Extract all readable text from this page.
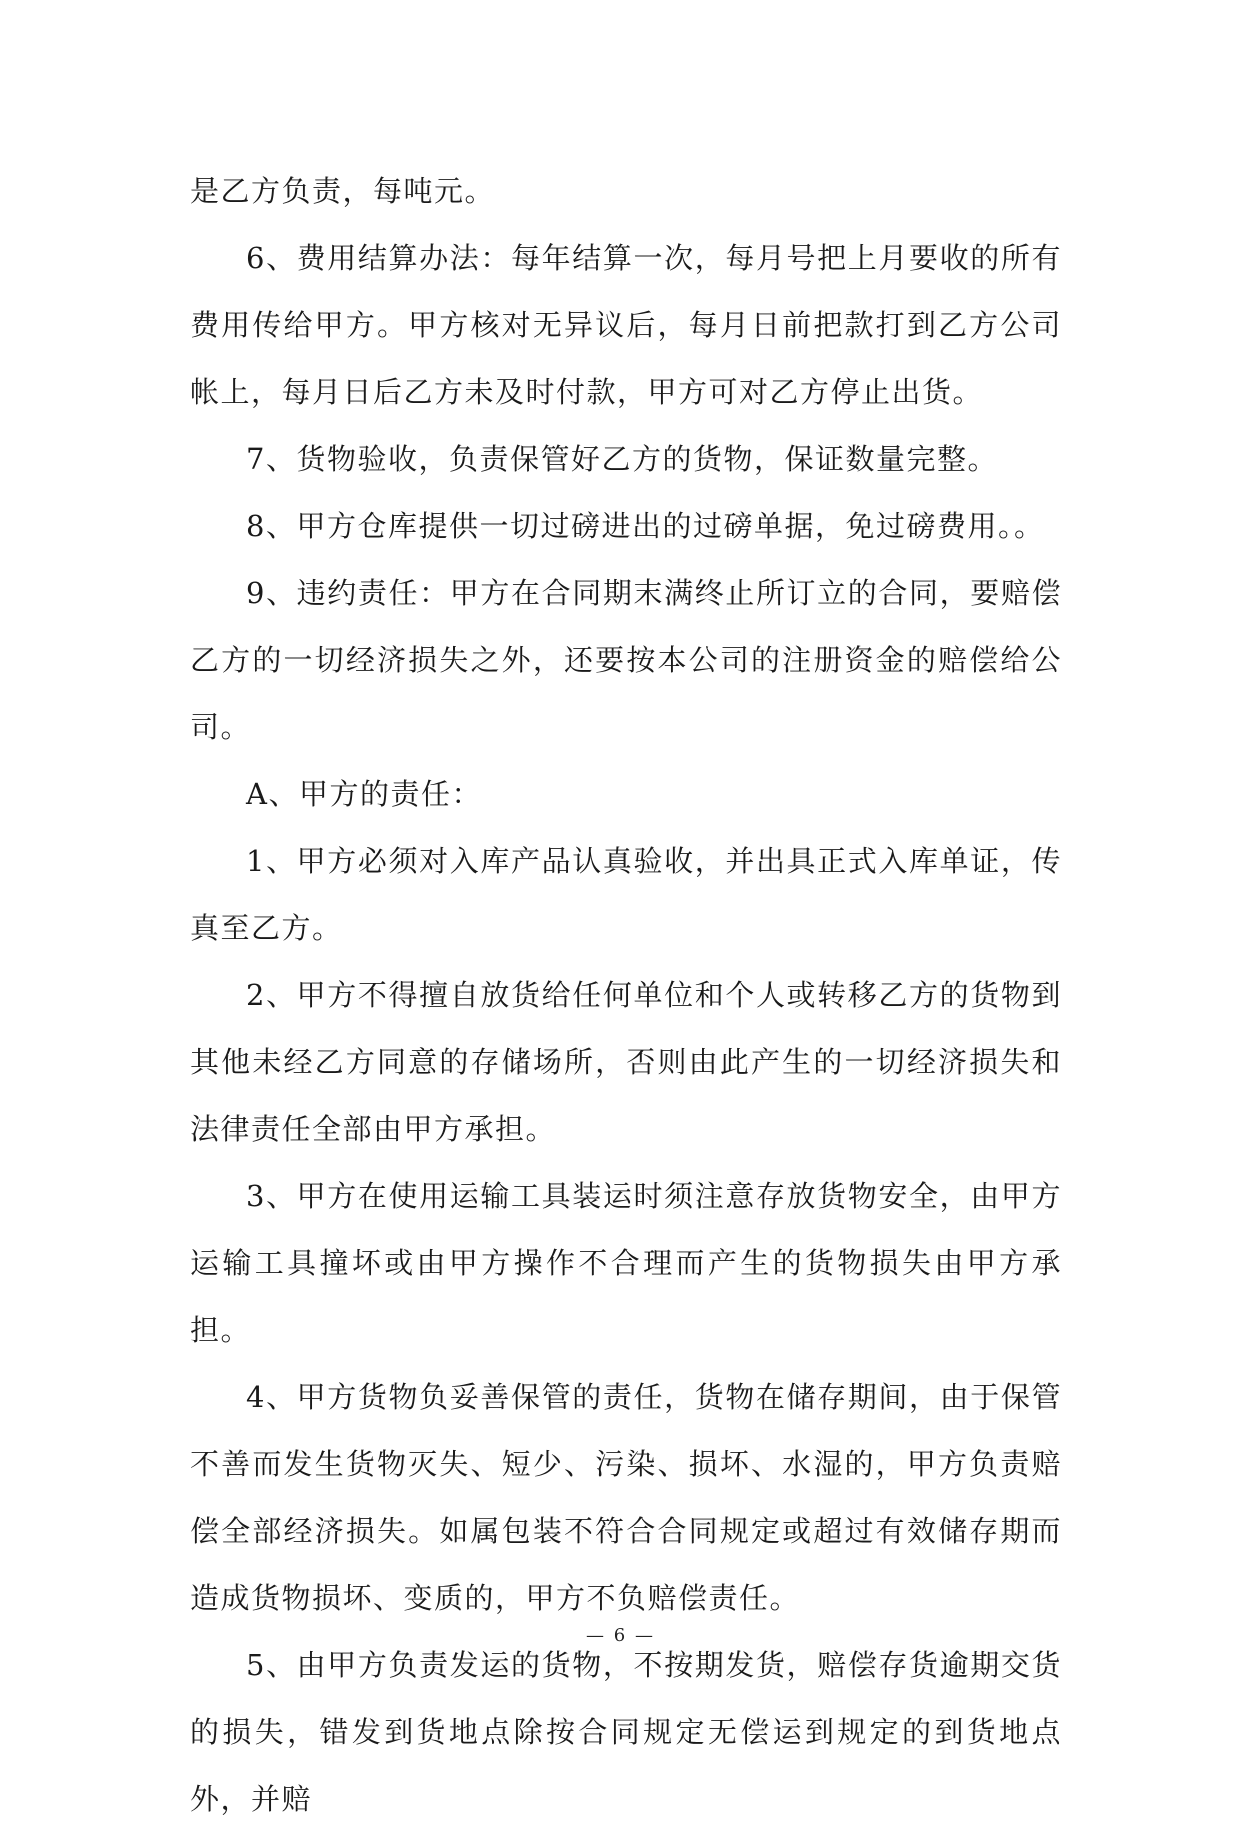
是乙方负责，每吨元。

6、费用结算办法：每年结算一次，每月号把上月要收的所有费用传给甲方。甲方核对无异议后，每月日前把款打到乙方公司帐上，每月日后乙方未及时付款，甲方可对乙方停止出货。

7、货物验收，负责保管好乙方的货物，保证数量完整。

8、甲方仓库提供一切过磅进出的过磅单据，免过磅费用。。

9、违约责任：甲方在合同期末满终止所订立的合同，要赔偿乙方的一切经济损失之外，还要按本公司的注册资金的赔偿给公司。

A、甲方的责任：

1、甲方必须对入库产品认真验收，并出具正式入库单证，传真至乙方。

2、甲方不得擅自放货给任何单位和个人或转移乙方的货物到其他未经乙方同意的存储场所，否则由此产生的一切经济损失和法律责任全部由甲方承担。

3、甲方在使用运输工具装运时须注意存放货物安全，由甲方运输工具撞坏或由甲方操作不合理而产生的货物损失由甲方承担。

4、甲方货物负妥善保管的责任，货物在储存期间，由于保管不善而发生货物灭失、短少、污染、损坏、水湿的，甲方负责赔偿全部经济损失。如属包装不符合合同规定或超过有效储存期而造成货物损坏、变质的，甲方不负赔偿责任。

5、由甲方负责发运的货物，不按期发货，赔偿存货逾期交货的损失，错发到货地点除按合同规定无偿运到规定的到货地点外，并赔

— 6 —
